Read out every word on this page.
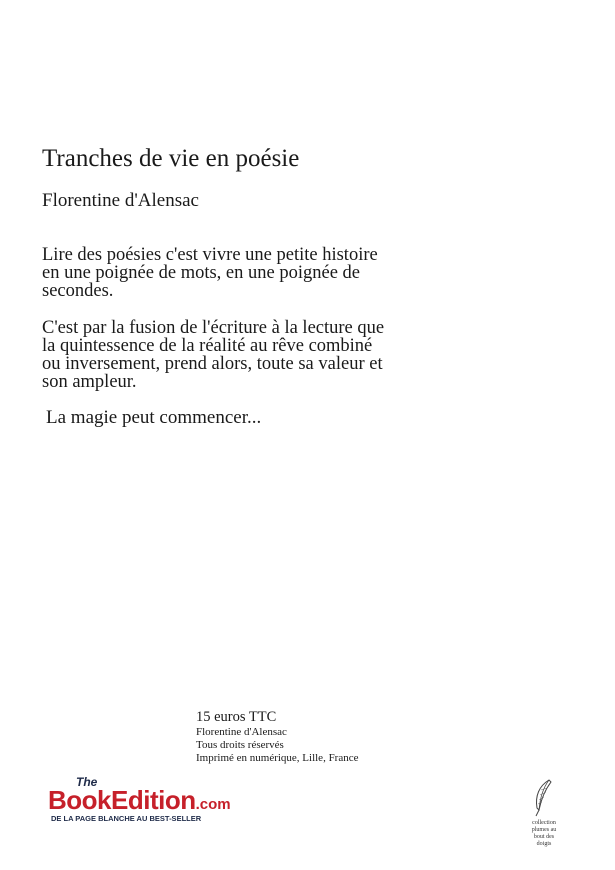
Tranches de vie en poésie
Florentine d'Alensac

Lire des poésies c'est vivre une petite histoire

en une poignée de mots, en une poignée de

secondes.

C'est par la fusion de l'écriture à la lecture que

la quintessence de la réalité au rêve combiné

ou inversement, prend alors, toute sa valeur et

son ampleur.

La magie peut commencer...
15 euros TTC
Florentine d'Alensac
Tous droits réservés
Imprimé en numérique, Lille, France
The
BookEdition.com
DE LA PAGE BLANCHE AU BEST-SELLER	collection
plumes au
bout des
doigts
